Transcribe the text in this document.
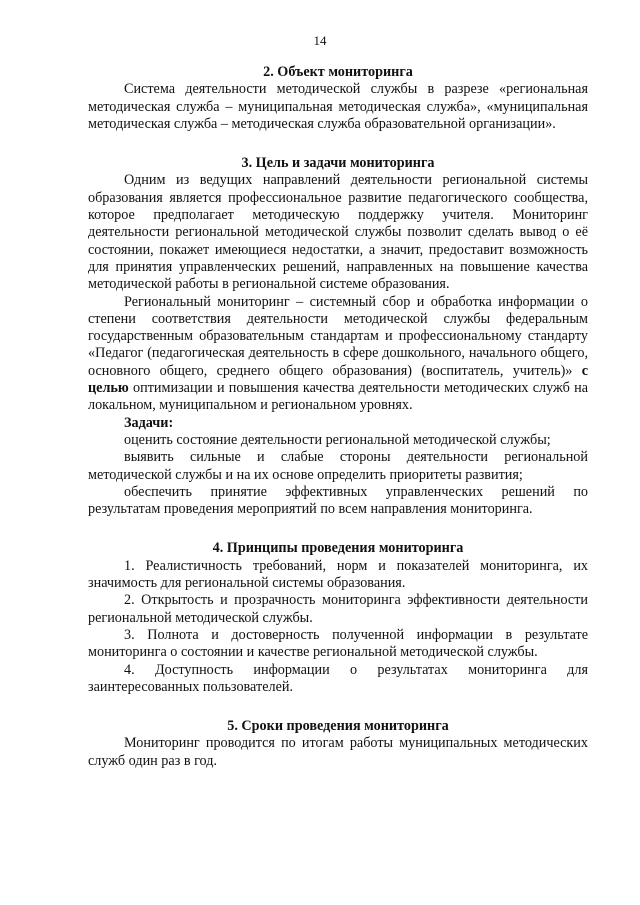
14
2. Объект мониторинга

Система деятельности методической службы в разрезе «региональная методическая служба – муниципальная методическая служба», «муниципальная методическая служба – методическая служба образовательной организации».

3. Цель и задачи мониторинга

Одним из ведущих направлений деятельности региональной системы образования является профессиональное развитие педагогического сообщества, которое предполагает методическую поддержку учителя. Мониторинг деятельности региональной методической службы позволит сделать вывод о её состоянии, покажет имеющиеся недостатки, а значит, предоставит возможность для принятия управленческих решений, направленных на повышение качества методической работы в региональной системе образования.

Региональный мониторинг – системный сбор и обработка информации о степени соответствия деятельности методической службы федеральным государственным образовательным стандартам и профессиональному стандарту «Педагог (педагогическая деятельность в сфере дошкольного, начального общего, основного общего, среднего общего образования) (воспитатель, учитель)» с целью оптимизации и повышения качества деятельности методических служб на локальном, муниципальном и региональном уровнях.

Задачи:

оценить состояние деятельности региональной методической службы;

выявить сильные и слабые стороны деятельности региональной методической службы и на их основе определить приоритеты развития;

обеспечить принятие эффективных управленческих решений по результатам проведения мероприятий по всем направления мониторинга.

4. Принципы проведения мониторинга

1. Реалистичность требований, норм и показателей мониторинга, их значимость для региональной системы образования.

2. Открытость и прозрачность мониторинга эффективности деятельности региональной методической службы.

3. Полнота и достоверность полученной информации в результате мониторинга о состоянии и качестве региональной методической службы.

4. Доступность информации о результатах мониторинга для заинтересованных пользователей.

5. Сроки проведения мониторинга

Мониторинг проводится по итогам работы муниципальных методических служб один раз в год.
